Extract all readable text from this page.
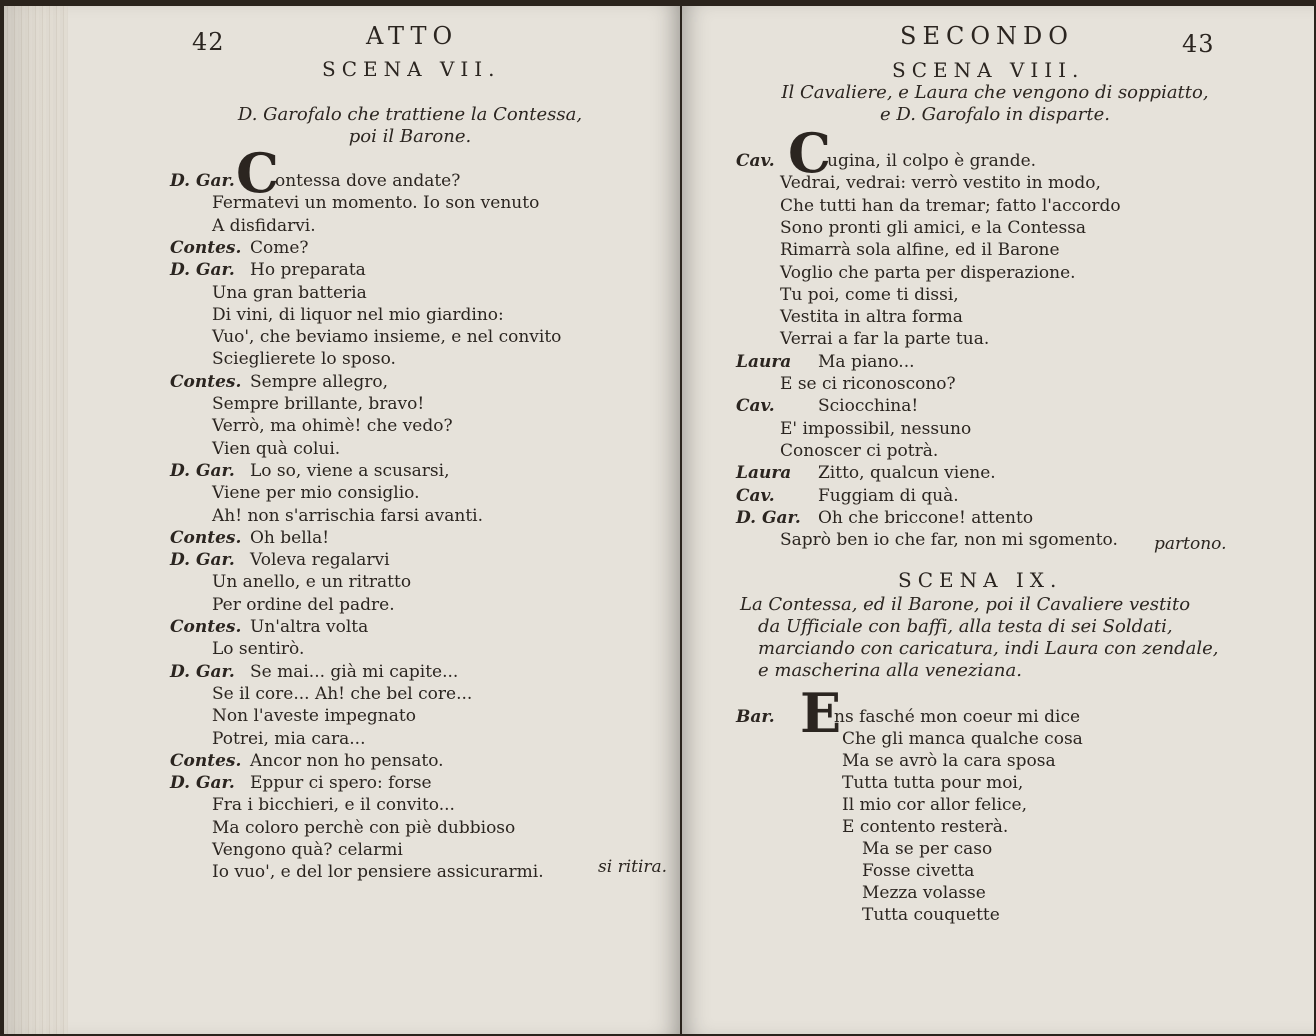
42	ATTO
SCENA VII.
D. Garofalo che trattiene la Contessa,
poi il Barone.
C
D. Gar. ontessa dove andate?
Fermatevi un momento. Io son venuto
A disfidarvi.
Contes. Come?
D. Gar. Ho preparata
Una gran batteria
Di vini, di liquor nel mio giardino:
Vuo', che beviamo insieme, e nel convito
Scieglierete lo sposo.
Contes. Sempre allegro,
Sempre brillante, bravo!
Verrò, ma ohimè! che vedo?
Vien quà colui.
D. Gar. Lo so, viene a scusarsi,
Viene per mio consiglio.
Ah! non s'arrischia farsi avanti.
Contes. Oh bella!
D. Gar. Voleva regalarvi
Un anello, e un ritratto
Per ordine del padre.
Contes. Un'altra volta
Lo sentirò.
D. Gar. Se mai... già mi capite...
Se il core... Ah! che bel core...
Non l'aveste impegnato
Potrei, mia cara...
Contes. Ancor non ho pensato.
D. Gar. Eppur ci spero: forse
Fra i bicchieri, e il convito...
Ma coloro perchè con piè dubbioso
Vengono quà? celarmi
Io vuo', e del lor pensiere assicurarmi.	si ritira.
SECONDO	43
SCENA VIII.
Il Cavaliere, e Laura che vengono di soppiatto,
e D. Garofalo in disparte.
C
Cav.	ugina, il colpo è grande.
Vedrai, vedrai: verrò vestito in modo,
Che tutti han da tremar; fatto l'accordo
Sono pronti gli amici, e la Contessa
Rimarrà sola alfine, ed il Barone
Voglio che parta per disperazione.
Tu poi, come ti dissi,
Vestita in altra forma
Verrai a far la parte tua.
Laura Ma piano...
E se ci riconoscono?
Cav.	Sciocchina!
E' impossibil, nessuno
Conoscer ci potrà.
Laura Zitto, qualcun viene.
Cav.	Fuggiam di quà.
D. Gar. Oh che briccone! attento
Saprò ben io che far, non mi sgomento. partono.
SCENA IX.
La Contessa, ed il Barone, poi il Cavaliere vestito
da Ufficiale con baffi, alla testa di sei Soldati,
marciando con caricatura, indi Laura con zendale,
e mascherina alla veneziana.
E
Bar.	ns fasché mon coeur mi dice
Che gli manca qualche cosa
Ma se avrò la cara sposa
Tutta tutta pour moi,
Il mio cor allor felice,
E contento resterà.
Ma se per caso
Fosse civetta
Mezza volasse
Tutta couquette
